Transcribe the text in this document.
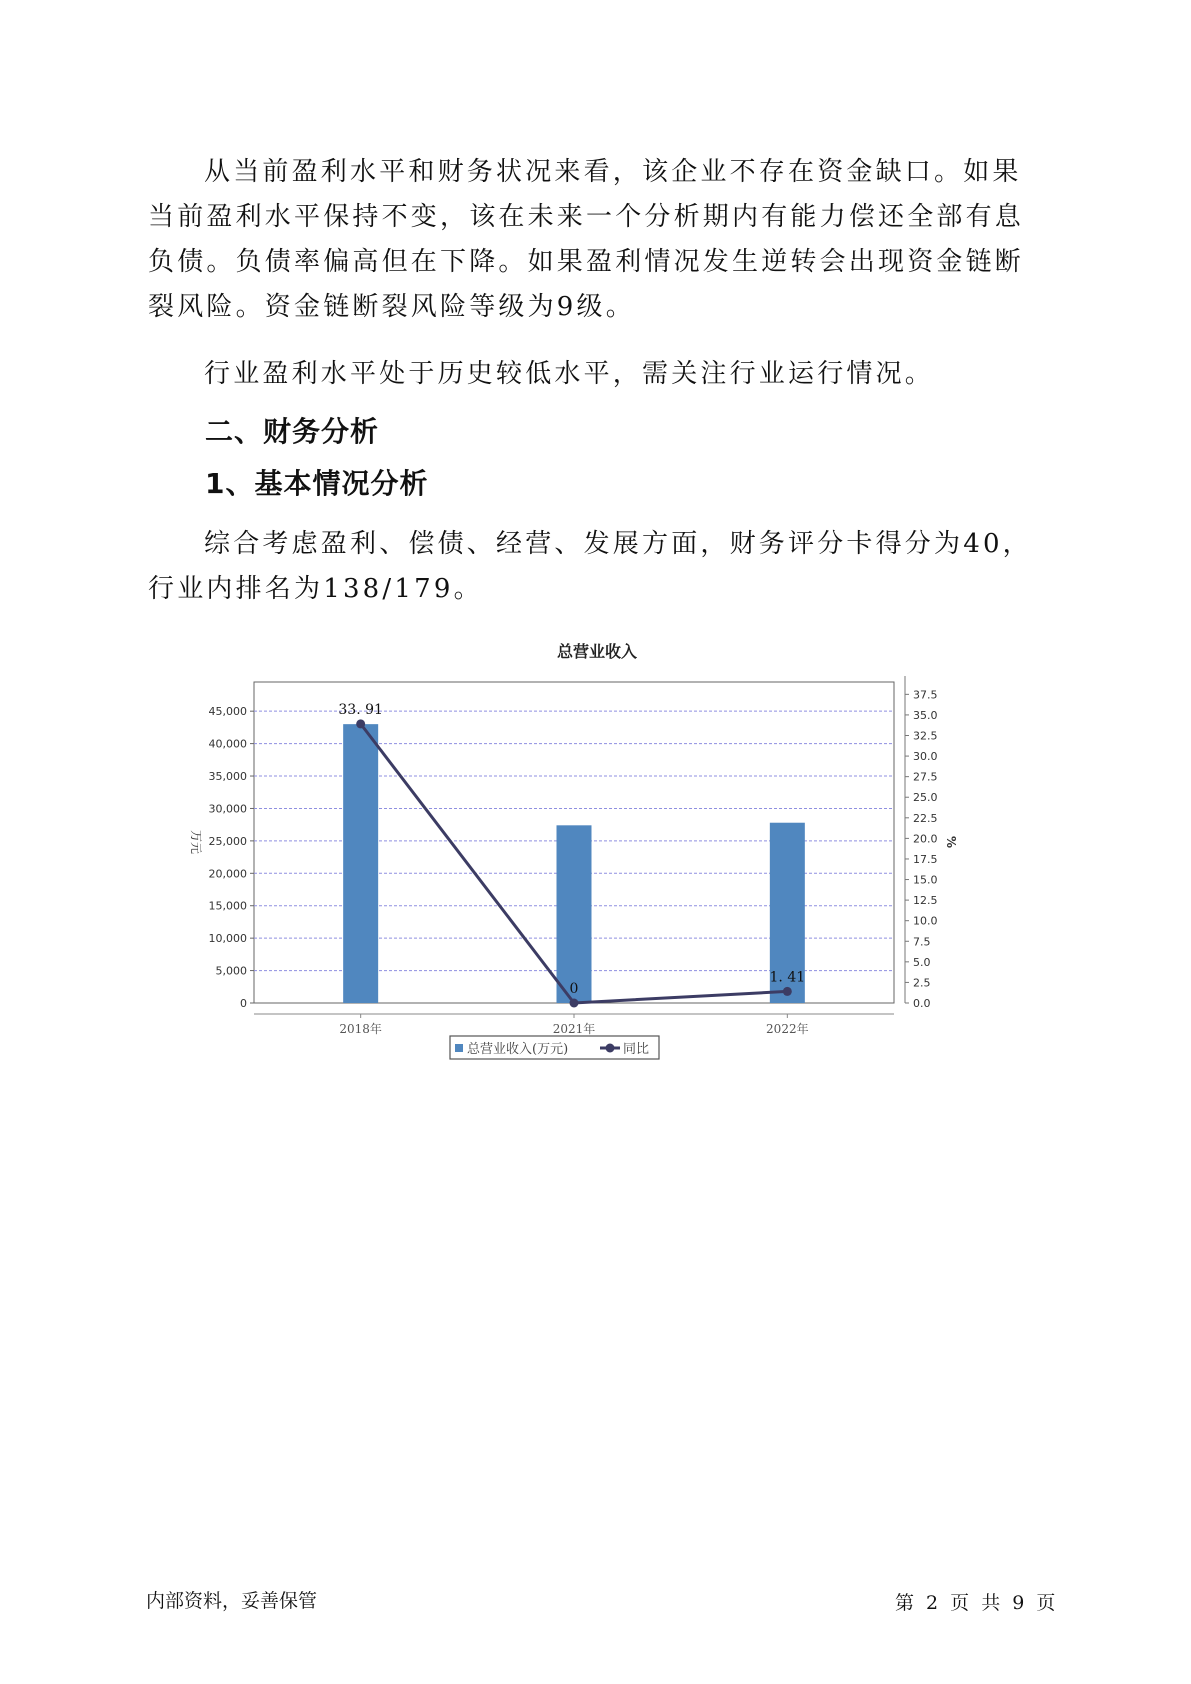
从当前盈利水平和财务状况来看，该企业不存在资金缺口。如果当前盈利水平保持不变，该在未来一个分析期内有能力偿还全部有息负债。负债率偏高但在下降。如果盈利情况发生逆转会出现资金链断裂风险。资金链断裂风险等级为9级。

行业盈利水平处于历史较低水平，需关注行业运行情况。

二、财务分析
1、基本情况分析

综合考虑盈利、偿债、经营、发展方面，财务评分卡得分为40，行业内排名为138/179。

总营业收入
33. 91
0
1. 41
0
5,000
10,000
15,000
20,000
25,000
30,000
35,000
40,000
45,000
0.0
2.5
5.0
7.5
10.0
12.5
15.0
17.5
20.0
22.5
25.0
27.5
30.0
32.5
35.0
37.5
2018年	2021年	2022年
万元	%
总营业收入(万元)	同比
内部资料，妥善保管	第 2 页 共 9 页
